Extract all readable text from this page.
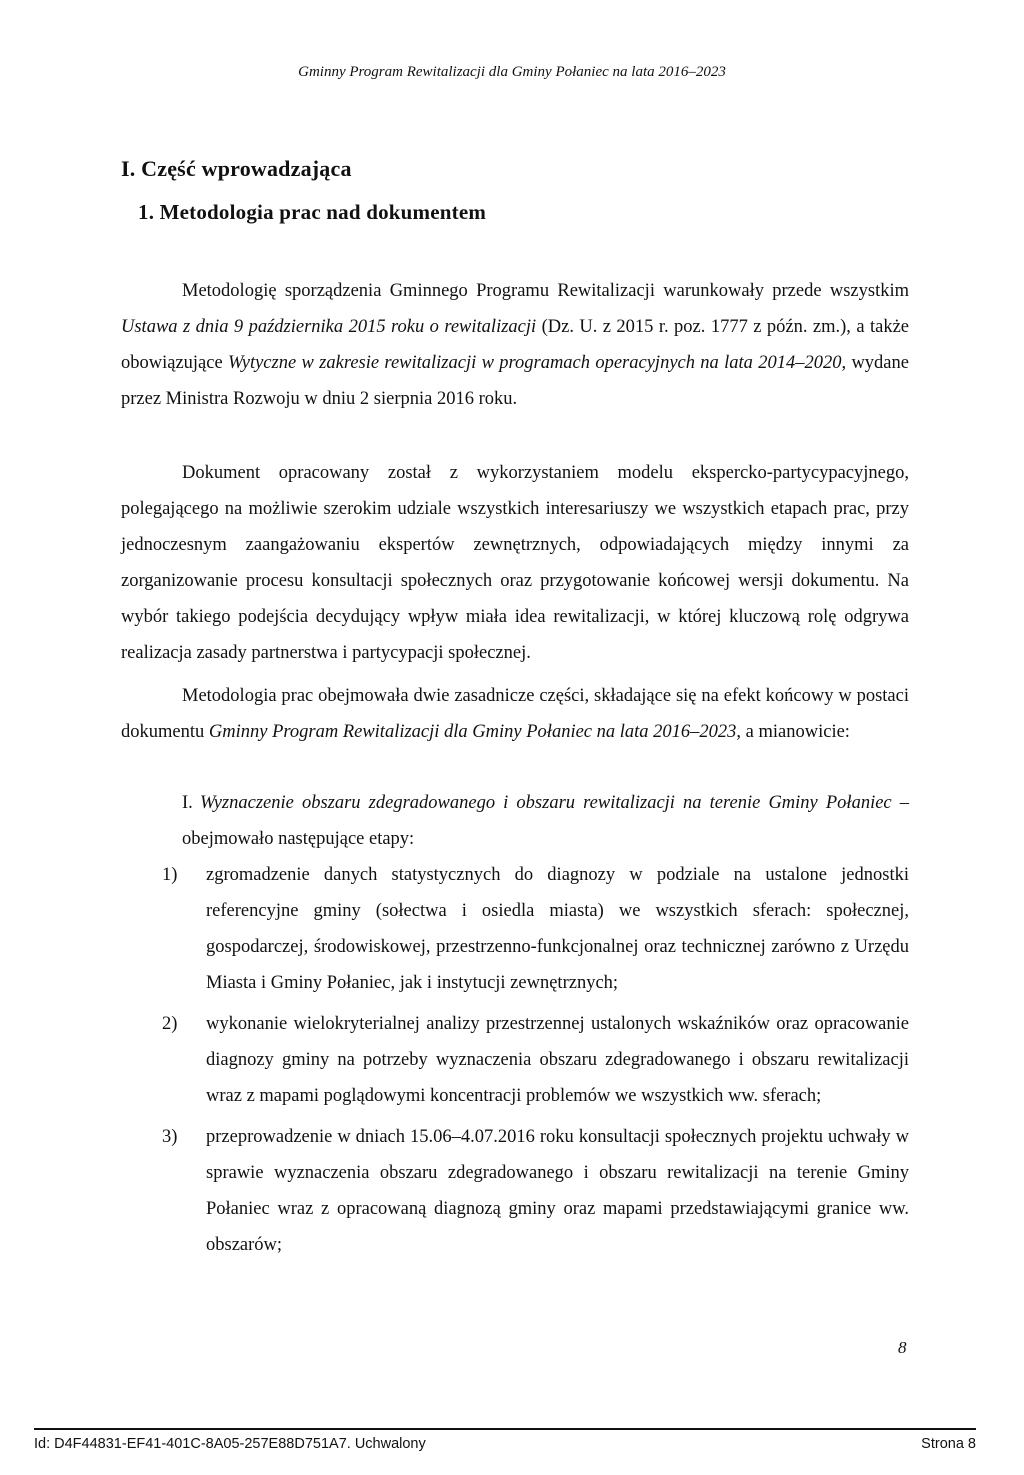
Gminny Program Rewitalizacji dla Gminy Połaniec na lata 2016–2023
I. Część wprowadzająca
1. Metodologia prac nad dokumentem

Metodologię sporządzenia Gminnego Programu Rewitalizacji warunkowały przede wszystkim Ustawa z dnia 9 października 2015 roku o rewitalizacji (Dz. U. z 2015 r. poz. 1777 z późn. zm.), a także obowiązujące Wytyczne w zakresie rewitalizacji w programach operacyjnych na lata 2014–2020, wydane przez Ministra Rozwoju w dniu 2 sierpnia 2016 roku.

Dokument opracowany został z wykorzystaniem modelu ekspercko-partycypacyjnego, polegającego na możliwie szerokim udziale wszystkich interesariuszy we wszystkich etapach prac, przy jednoczesnym zaangażowaniu ekspertów zewnętrznych, odpowiadających między innymi za zorganizowanie procesu konsultacji społecznych oraz przygotowanie końcowej wersji dokumentu. Na wybór takiego podejścia decydujący wpływ miała idea rewitalizacji, w której kluczową rolę odgrywa realizacja zasady partnerstwa i partycypacji społecznej.

Metodologia prac obejmowała dwie zasadnicze części, składające się na efekt końcowy w postaci dokumentu Gminny Program Rewitalizacji dla Gminy Połaniec na lata 2016–2023, a mianowicie:

I. Wyznaczenie obszaru zdegradowanego i obszaru rewitalizacji na terenie Gminy Połaniec – obejmowało następujące etapy:
1) zgromadzenie danych statystycznych do diagnozy w podziale na ustalone jednostki referencyjne gminy (sołectwa i osiedla miasta) we wszystkich sferach: społecznej, gospodarczej, środowiskowej, przestrzenno-funkcjonalnej oraz technicznej zarówno z Urzędu Miasta i Gminy Połaniec, jak i instytucji zewnętrznych;
2) wykonanie wielokryterialnej analizy przestrzennej ustalonych wskaźników oraz opracowanie diagnozy gminy na potrzeby wyznaczenia obszaru zdegradowanego i obszaru rewitalizacji wraz z mapami poglądowymi koncentracji problemów we wszystkich ww. sferach;
3) przeprowadzenie w dniach 15.06–4.07.2016 roku konsultacji społecznych projektu uchwały w sprawie wyznaczenia obszaru zdegradowanego i obszaru rewitalizacji na terenie Gminy Połaniec wraz z opracowaną diagnozą gminy oraz mapami przedstawiającymi granice ww. obszarów;
8
Id: D4F44831-EF41-401C-8A05-257E88D751A7. Uchwalony	Strona 8
